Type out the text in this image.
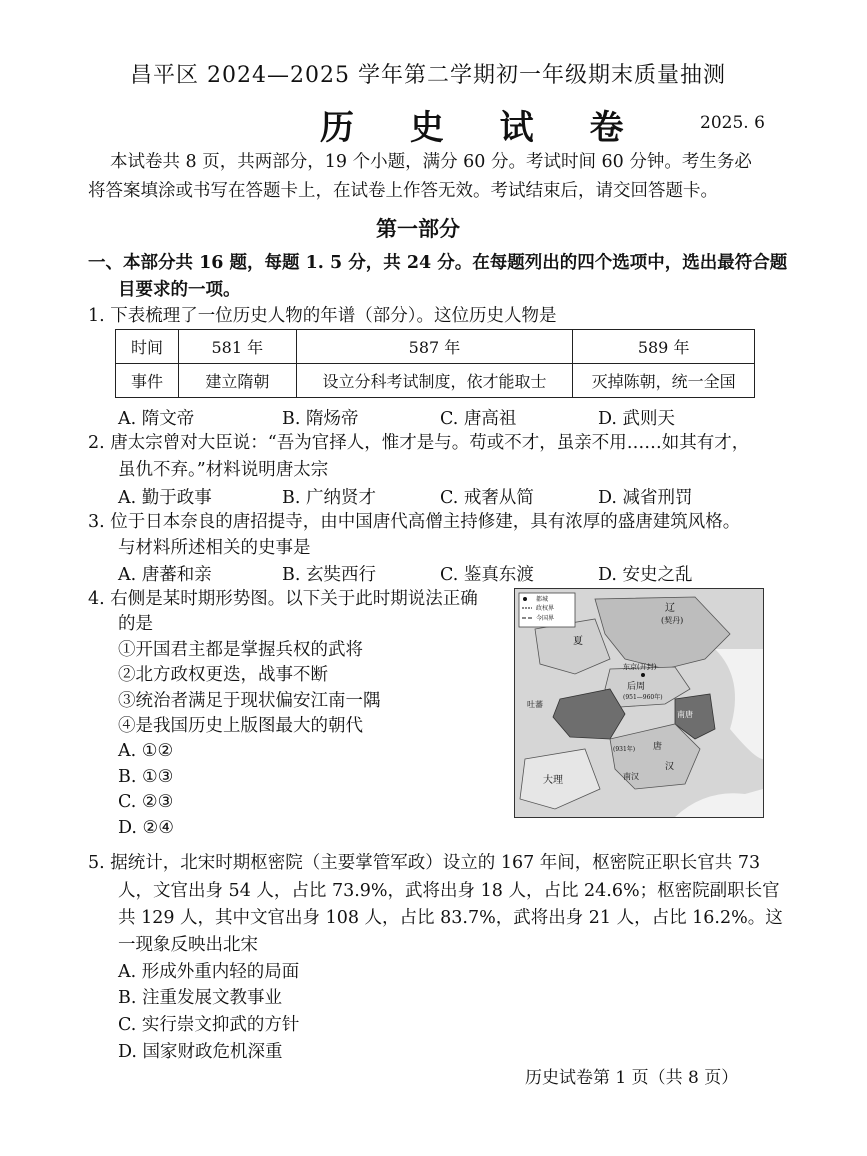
昌平区 2024—2025 学年第二学期初一年级期末质量抽测
历 史 试 卷	2025. 6
本试卷共 8 页，共两部分，19 个小题，满分 60 分。考试时间 60 分钟。考生务必
将答案填涂或书写在答题卡上，在试卷上作答无效。考试结束后，请交回答题卡。
第一部分
一、本部分共 16 题，每题 1. 5 分，共 24 分。在每题列出的四个选项中，选出最符合题
目要求的一项。
1. 下表梳理了一位历史人物的年谱（部分）。这位历史人物是
时间	581 年	587 年	589 年
事件	建立隋朝	设立分科考试制度，依才能取士	灭掉陈朝，统一全国
A. 隋文帝	B. 隋炀帝	C. 唐高祖	D. 武则天
2. 唐太宗曾对大臣说：“吾为官择人，惟才是与。苟或不才，虽亲不用……如其有才，
虽仇不弃。”材料说明唐太宗
A. 勤于政事	B. 广纳贤才	C. 戒奢从简	D. 减省刑罚
3. 位于日本奈良的唐招提寺，由中国唐代高僧主持修建，具有浓厚的盛唐建筑风格。
与材料所述相关的史事是
A. 唐蕃和亲	B. 玄奘西行	C. 鉴真东渡	D. 安史之乱
4. 右侧是某时期形势图。以下关于此时期说法正确
的是
①开国君主都是掌握兵权的武将
②北方政权更迭，战事不断
③统治者满足于现状偏安江南一隅
④是我国历史上版图最大的朝代
A. ①②
B. ①③
C. ②③
D. ②④
都城
政权界
今国界
辽
(契丹)
夏
东京(开封)
后周
(951—960年)
吐蕃
南唐
(931年)
汉
大理
唐
南汉
5. 据统计，北宋时期枢密院（主要掌管军政）设立的 167 年间，枢密院正职长官共 73
人，文官出身 54 人，占比 73.9%，武将出身 18 人，占比 24.6%；枢密院副职长官
共 129 人，其中文官出身 108 人，占比 83.7%，武将出身 21 人，占比 16.2%。这
一现象反映出北宋
A. 形成外重内轻的局面
B. 注重发展文教事业
C. 实行崇文抑武的方针
D. 国家财政危机深重
历史试卷第 1 页（共 8 页）
